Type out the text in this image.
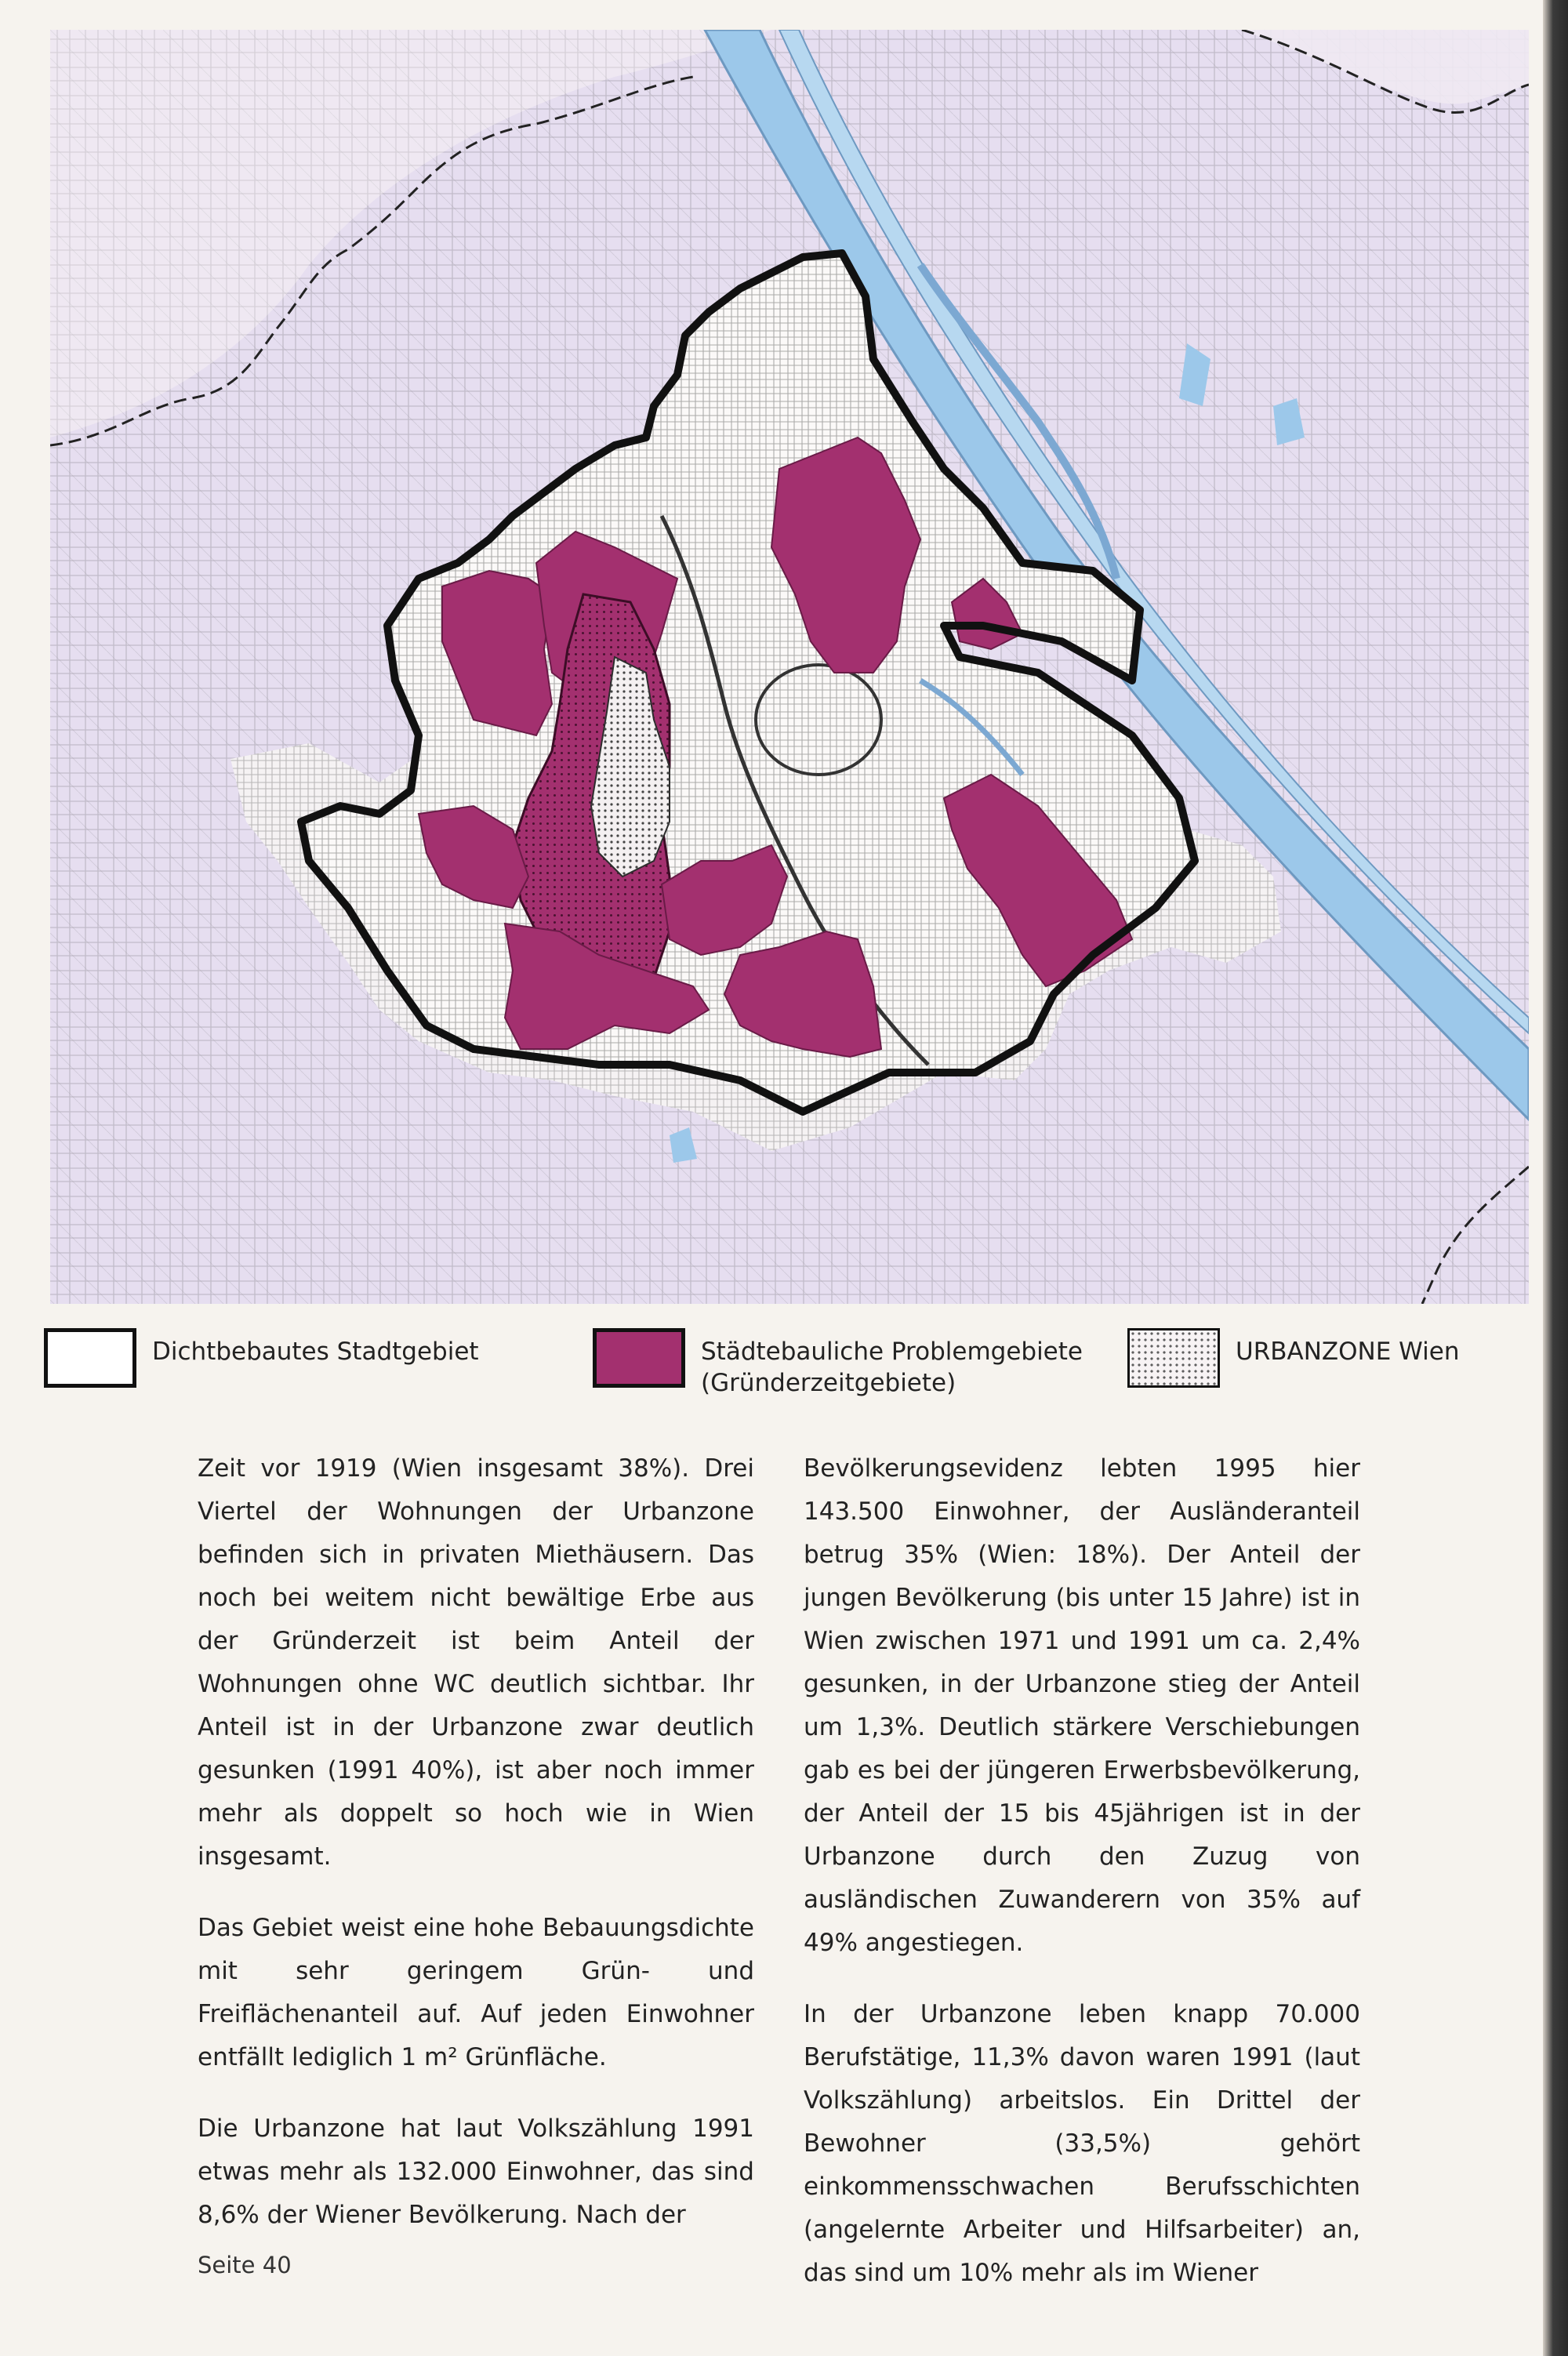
Dichtbebautes Stadtgebiet	Städtebauliche Problemgebiete
(Gründerzeitgebiete)
URBANZONE Wien

Zeit vor 1919 (Wien insgesamt 38%). Drei Viertel der Wohnungen der Urbanzone befinden sich in privaten Miethäusern. Das noch bei weitem nicht bewältige Erbe aus der Gründerzeit ist beim Anteil der Wohnungen ohne WC deutlich sichtbar. Ihr Anteil ist in der Urbanzone zwar deutlich gesunken (1991 40%), ist aber noch immer mehr als doppelt so hoch wie in Wien insgesamt.

Das Gebiet weist eine hohe Bebauungsdichte mit sehr geringem Grün- und Freiflächenanteil auf. Auf jeden Einwohner entfällt lediglich 1 m² Grünfläche.

Die Urbanzone hat laut Volkszählung 1991 etwas mehr als 132.000 Einwohner, das sind 8,6% der Wiener Bevölkerung. Nach der

Bevölkerungsevidenz lebten 1995 hier 143.500 Einwohner, der Ausländeranteil betrug 35% (Wien: 18%). Der Anteil der jungen Bevölkerung (bis unter 15 Jahre) ist in Wien zwischen 1971 und 1991 um ca. 2,4% gesunken, in der Urbanzone stieg der Anteil um 1,3%. Deutlich stärkere Verschiebungen gab es bei der jüngeren Erwerbsbevölkerung, der Anteil der 15 bis 45jährigen ist in der Urbanzone durch den Zuzug von ausländischen Zuwanderern von 35% auf 49% angestiegen.

In der Urbanzone leben knapp 70.000 Berufstätige, 11,3% davon waren 1991 (laut Volkszählung) arbeitslos. Ein Drittel der Bewohner (33,5%) gehört einkommensschwachen Berufsschichten (angelernte Arbeiter und Hilfsarbeiter) an, das sind um 10% mehr als im Wiener

Seite 40
